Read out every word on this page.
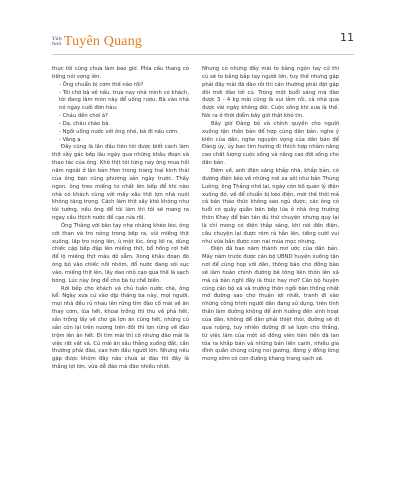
Văn
hoá Tuyên Quang	11

thực tôi cũng chưa làm bao giờ. Phía cầu thang có tiếng nói vọng lên.

- Ông chuẩn bị cơm thế nào rồi?

- Tôi chờ bà về nấu, trưa nay nhà mình có khách, tôi đang làm món này để uống rượu. Bà vào nhà nó ngay cuối đơn hàu:

- Cháu đến chơi à?

- Dạ, cháu chào bà.

- Ngồi uống nước với ông nhé, bà đi nấu cơm.

- Vâng ạ.

Đây cũng là lần đầu tiên tôi được biết cách làm thịt sấy gác bếp lâu ngày qua những khâu đoạn và thao tác của ông. Khô thịt tôi từng nay ông mua hồi năm ngoái ở làn bản Hon trong trang trại kinh thái của ông bạn cũng phương sản ngày trước. Thấy ngon, ông treo miếng to nhất lên bếp để khi nào nhà có khách cùng với mấy xâu thịt lợn nhà nuôi không tăng trọng. Cách làm thịt sấy khô không như tôi tưởng, nếu ông để tôi làm thì tôi sẽ mang ra ngay cầu thịch nước để cạo rửa rồi.

Ông Thắng với bàn tay nhẹ nhàng khéo léo, ông cời than và tro nóng trong bếp ra, vùi miếng thịt xuống, lấp tro nóng lên, ủ một lúc, ông lôi ra, dùng chiếc cặp bếp đập lên miếng thịt, bổ hồng rơi hết để lộ miếng thịt màu đỏ sẫm. Xong khâu đoạn đó ông bỏ vào chiếc nồi nhôm, đổ nước đang sôi sục vào, miếng thịt lên, lấy dao nhỏ cạo qua thế là sạch bóng. Lúc này ông để cho bà tự chế biến.

Rời bếp cho khách và chủ tuần nước chè, ông kể: Ngày xưa cứ vào dịp tháng ba này, mọi người, mọi nhà đều rủ nhau lên rừng tìm đào cố mài về ăn thay cơm, lúa hết, khoai trồng thì thu về phả hết, sắn trồng lấy về cho gà lợn ăn cũng hết, những củ sắn còn lại trên nương trên đồi thì lợn rừng về đào trộm lên ăn hết. Đi tìm mài thì cố nhưng đào mài là việc rất vất vả. Củ mài ăn sâu thẳng xuống đất, cần thường phải đào, cao hơn đầu người lớn. Nhưng nếu gặp được khóm đây nào chưa ai đào thì đây là thắng lợi lớn, vừa dễ đào mà đào nhiều nhất.

Nhưng có những đây mài to bằng ngón tay cứ thì củ sẽ to bằng bắp tay người lớn, tuy thế nhưng gặp phải đây mài đã đào rồi thì cán thường phải đặt gặp đôi mới đào tới củ. Trong một buổi sáng mà đào được 3 - 4 kg mài cũng là vui lắm rồi, cả nhà qua được vài ngày không đói. Cuộc sống khi xưa là thế. Nói ra ở thời điểm bây giờ thật khó tin.

Bây giờ Đảng bộ và chính quyền cho người xuống tận thôn bản để hợp cùng dân bản, nghe ý kiến của dân, nghe nguyện vọng của dân bản để Đảng ủy, ủy ban tìm hướng đi thích hợp nhằm nâng cao chất lượng cuộc sống và nâng cao đời sống cho dân bản.

Đêm về, anh điện sáng khắp nhà, khắp bản, có đường điện kéo về những nơi xa xôi như bản Thung Luông, ông Thắng nhớ lại, ngày còn bố quản lý điện xuống đó, về để chuẩn bị kéo điện, mời thế thôi mà cả bản thao thức không sao ngủ được, các ông có tuổi có quây quần bên bếp lửa ở nhà ông trưởng thôn Khay để bàn tán đủ thứ chuyện nhưng quy lại là chỉ mong có điện thắp sáng, khi nói đến điện, câu chuyện lại được rôm rả hẳn lên, tiếng cười vui như vừa bắn được con nai múa mọc nhưng.

Điện đã bao năm thành mơ ước của dân bản. Mấy năm trước được cán bộ UBND huyện xuống tận nơi để cùng họp với dân, thông báo cho đồng bào sẽ làm hoàn chỉnh đường bê tông liên thôn lên xã mà cả bản nghĩ đây là thúc hay mơ? Cán bộ huyện cùng cán bộ xã và trưởng thôn ngồi bàn thống nhất mở đường sao cho thuận lợi nhất, tranh đi vào những công trình người dân đang sử dụng, trên tinh thần làm đường không để ảnh hưởng đến sinh hoạt của dân, không để dân phải thiệt thòi, đường sẽ đi qua ruộng, tuy nhiên đường đi sẽ lượn cho thẳng, từ việc làm của một số đồng viên tiên tiến đã lan tỏa ra khắp bản và những bản liền cạnh, nhiều gia đình quân chúng cũng noi gương, đóng ý đồng lòng mong sớm có con đường khang trang sạch sẽ.
